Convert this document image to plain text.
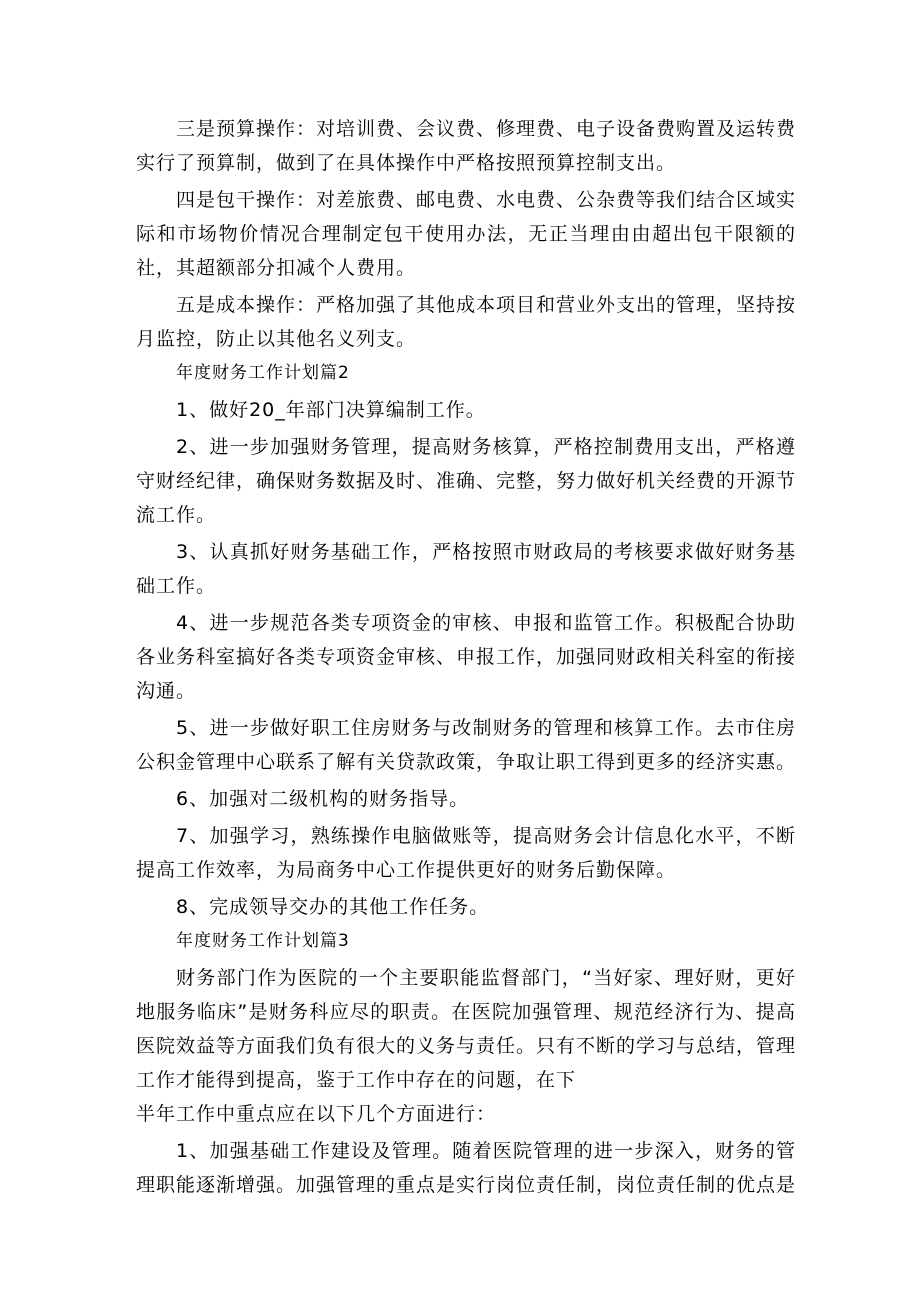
三是预算操作：对培训费、会议费、修理费、电子设备费购置及运转费实行了预算制，做到了在具体操作中严格按照预算控制支出。

四是包干操作：对差旅费、邮电费、水电费、公杂费等我们结合区域实际和市场物价情况合理制定包干使用办法，无正当理由由超出包干限额的社，其超额部分扣减个人费用。

五是成本操作：严格加强了其他成本项目和营业外支出的管理，坚持按月监控，防止以其他名义列支。

年度财务工作计划篇2

1、做好20_年部门决算编制工作。

2、进一步加强财务管理，提高财务核算，严格控制费用支出，严格遵守财经纪律，确保财务数据及时、准确、完整，努力做好机关经费的开源节流工作。

3、认真抓好财务基础工作，严格按照市财政局的考核要求做好财务基础工作。

4、进一步规范各类专项资金的审核、申报和监管工作。积极配合协助各业务科室搞好各类专项资金审核、申报工作，加强同财政相关科室的衔接沟通。

5、进一步做好职工住房财务与改制财务的管理和核算工作。去市住房公积金管理中心联系了解有关贷款政策，争取让职工得到更多的经济实惠。

6、加强对二级机构的财务指导。

7、加强学习，熟练操作电脑做账等，提高财务会计信息化水平，不断提高工作效率，为局商务中心工作提供更好的财务后勤保障。

8、完成领导交办的其他工作任务。

年度财务工作计划篇3

财务部门作为医院的一个主要职能监督部门，“当好家、理好财，更好地服务临床”是财务科应尽的职责。在医院加强管理、规范经济行为、提高医院效益等方面我们负有很大的义务与责任。只有不断的学习与总结，管理工作才能得到提高，鉴于工作中存在的问题，在下

半年工作中重点应在以下几个方面进行：

1、加强基础工作建设及管理。随着医院管理的进一步深入，财务的管理职能逐渐增强。加强管理的重点是实行岗位责任制，岗位责任制的优点是
